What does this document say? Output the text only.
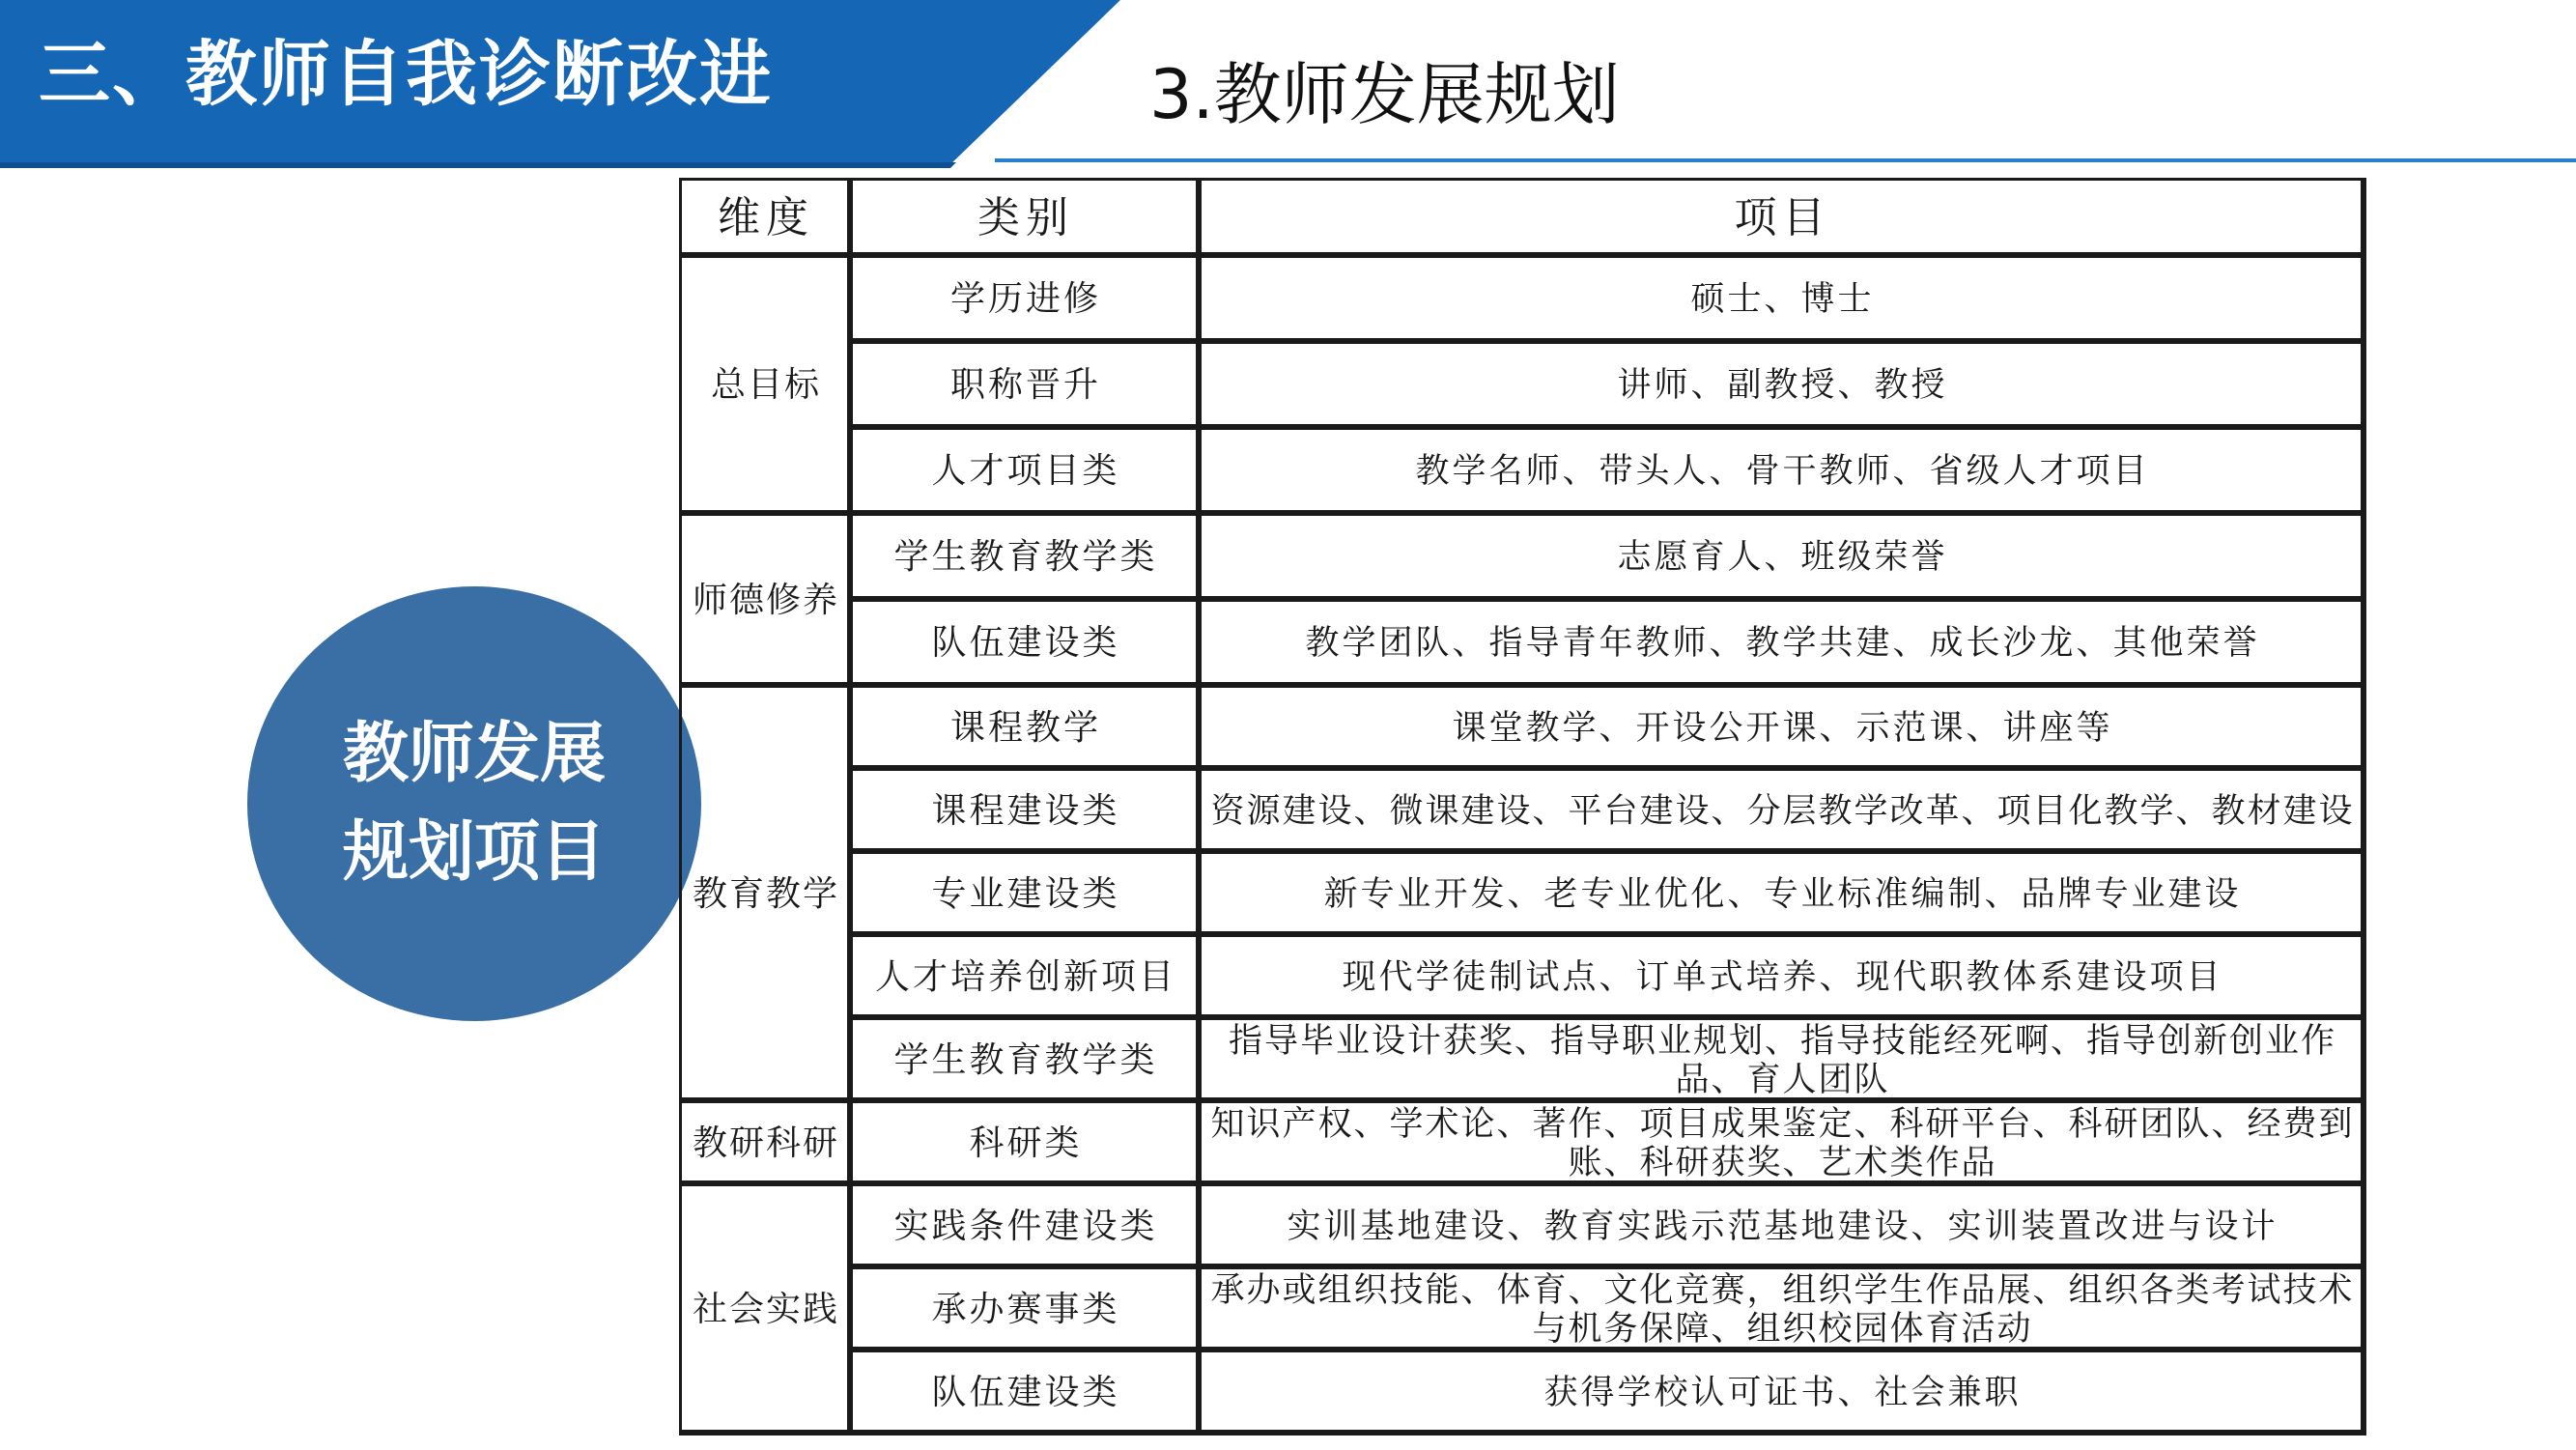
三、教师自我诊断改进	3.教师发展规划
教师发展
规划项目
维度	类别	项目
总目标	学历进修	硕士、博士
	职称晋升	讲师、副教授、教授
	人才项目类	教学名师、带头人、骨干教师、省级人才项目
师德修养	学生教育教学类	志愿育人、班级荣誉
	队伍建设类	教学团队、指导青年教师、教学共建、成长沙龙、其他荣誉
教育教学	课程教学	课堂教学、开设公开课、示范课、讲座等
	课程建设类	资源建设、微课建设、平台建设、分层教学改革、项目化教学、教材建设
	专业建设类	新专业开发、老专业优化、专业标准编制、品牌专业建设
	人才培养创新项目	现代学徒制试点、订单式培养、现代职教体系建设项目
	学生教育教学类	指导毕业设计获奖、指导职业规划、指导技能经死啊、指导创新创业作品、育人团队
教研科研	科研类	知识产权、学术论、著作、项目成果鉴定、科研平台、科研团队、经费到账、科研获奖、艺术类作品
社会实践	实践条件建设类	实训基地建设、教育实践示范基地建设、实训装置改进与设计
	承办赛事类	承办或组织技能、体育、文化竞赛，组织学生作品展、组织各类考试技术与机务保障、组织校园体育活动
	队伍建设类	获得学校认可证书、社会兼职
